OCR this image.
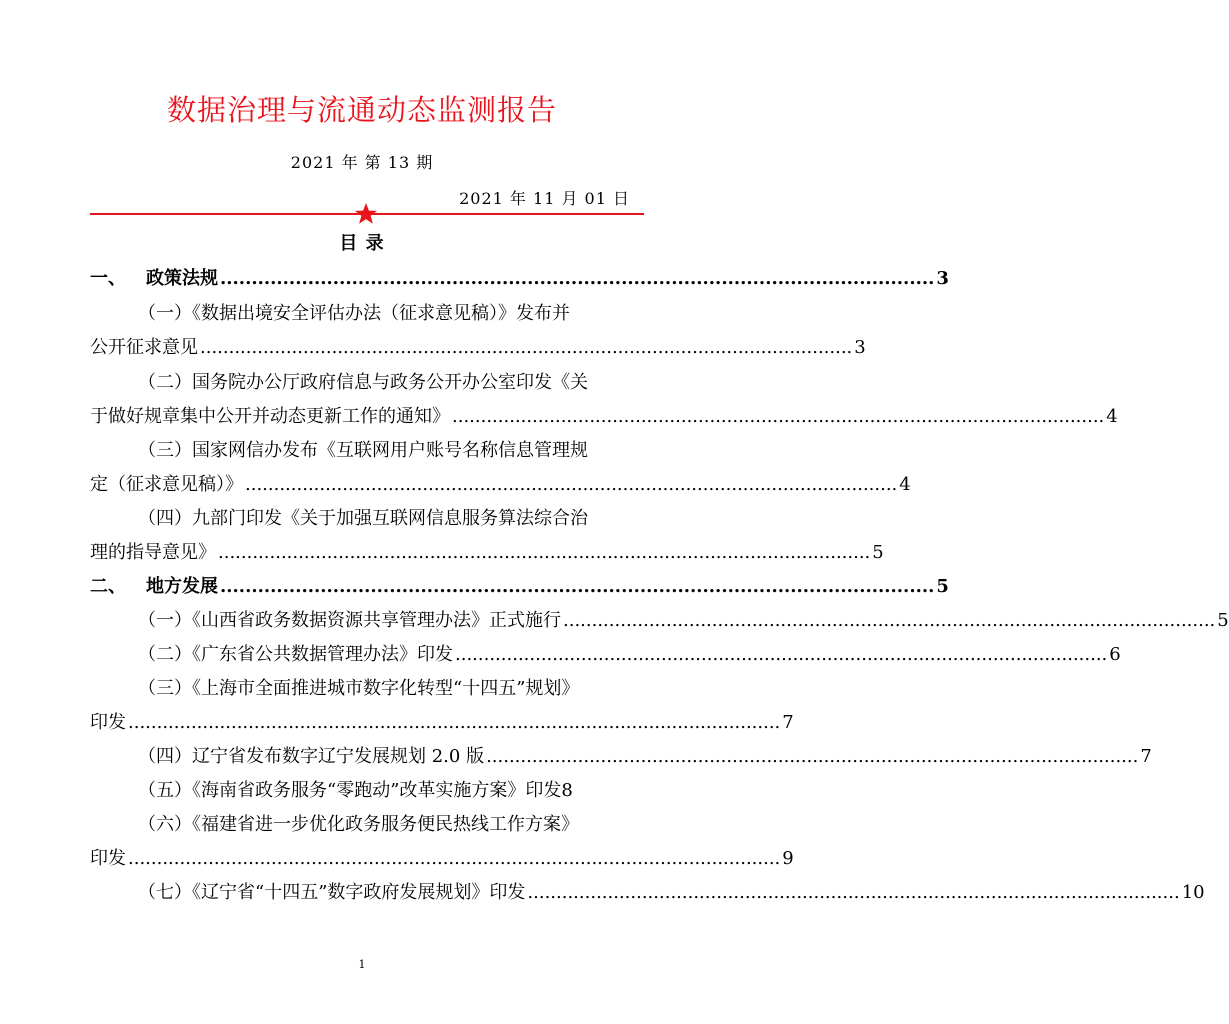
数据治理与流通动态监测报告
2021 年 第 13 期
2021 年 11 月 01 日
目 录
一、 政策法规 .................................................................................................................. 3
（一）《数据出境安全评估办法（征求意见稿）》发布并
公开征求意见 .................................................................................................................. 3
（二）国务院办公厅政府信息与政务公开办公室印发《关
于做好规章集中公开并动态更新工作的通知》 .................................................................................................................. 4
（三）国家网信办发布《互联网用户账号名称信息管理规
定（征求意见稿）》 .................................................................................................................. 4
（四）九部门印发《关于加强互联网信息服务算法综合治
理的指导意见》 .................................................................................................................. 5
二、 地方发展 .................................................................................................................. 5
（一）《山西省政务数据资源共享管理办法》正式施行 .................................................................................................................. 5
（二）《广东省公共数据管理办法》印发 .................................................................................................................. 6
（三）《上海市全面推进城市数字化转型“十四五”规划》
印发 .................................................................................................................. 7
（四）辽宁省发布数字辽宁发展规划 2.0 版 .................................................................................................................. 7
（五）《海南省政务服务“零跑动”改革实施方案》印发 8
（六）《福建省进一步优化政务服务便民热线工作方案》
印发 .................................................................................................................. 9
（七）《辽宁省“十四五”数字政府发展规划》印发 .................................................................................................................. 10
1
